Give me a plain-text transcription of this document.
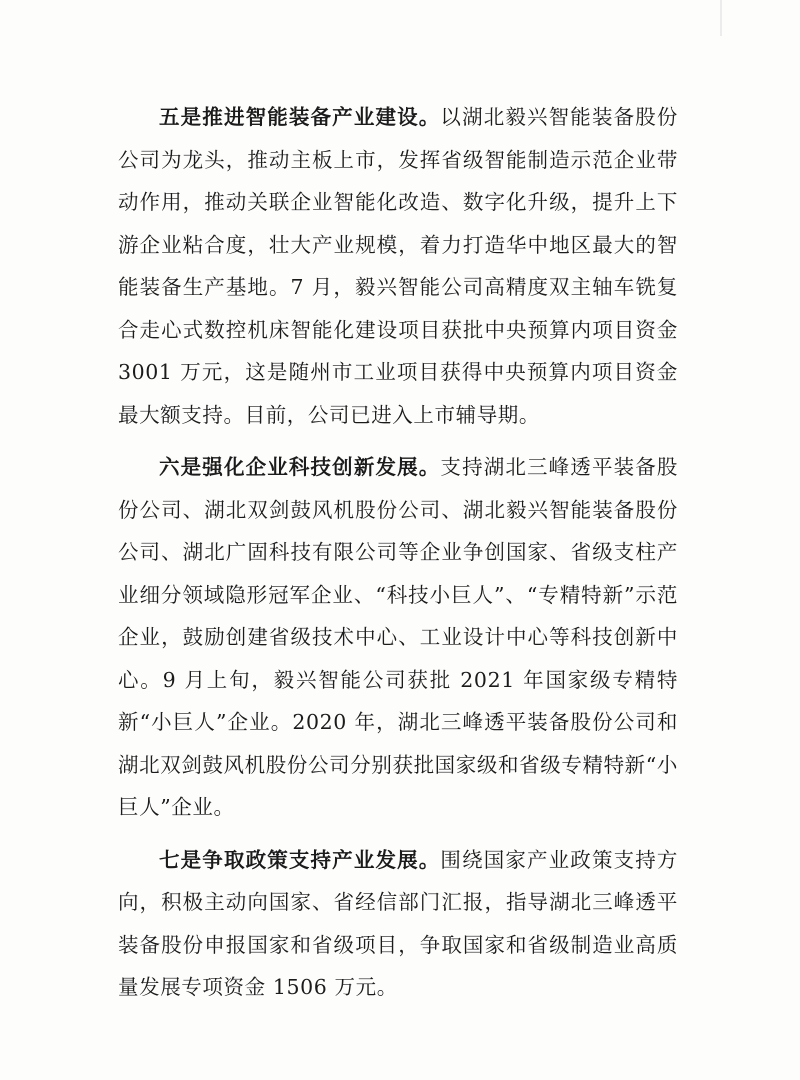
五是推进智能装备产业建设。以湖北毅兴智能装备股份公司为龙头，推动主板上市，发挥省级智能制造示范企业带动作用，推动关联企业智能化改造、数字化升级，提升上下游企业粘合度，壮大产业规模，着力打造华中地区最大的智能装备生产基地。7 月，毅兴智能公司高精度双主轴车铣复合走心式数控机床智能化建设项目获批中央预算内项目资金 3001 万元，这是随州市工业项目获得中央预算内项目资金最大额支持。目前，公司已进入上市辅导期。

六是强化企业科技创新发展。支持湖北三峰透平装备股份公司、湖北双剑鼓风机股份公司、湖北毅兴智能装备股份公司、湖北广固科技有限公司等企业争创国家、省级支柱产业细分领域隐形冠军企业、“科技小巨人”、“专精特新”示范企业，鼓励创建省级技术中心、工业设计中心等科技创新中心。9 月上旬，毅兴智能公司获批 2021 年国家级专精特新“小巨人”企业。2020 年，湖北三峰透平装备股份公司和湖北双剑鼓风机股份公司分别获批国家级和省级专精特新“小巨人”企业。

七是争取政策支持产业发展。围绕国家产业政策支持方向，积极主动向国家、省经信部门汇报，指导湖北三峰透平装备股份申报国家和省级项目，争取国家和省级制造业高质量发展专项资金 1506 万元。
